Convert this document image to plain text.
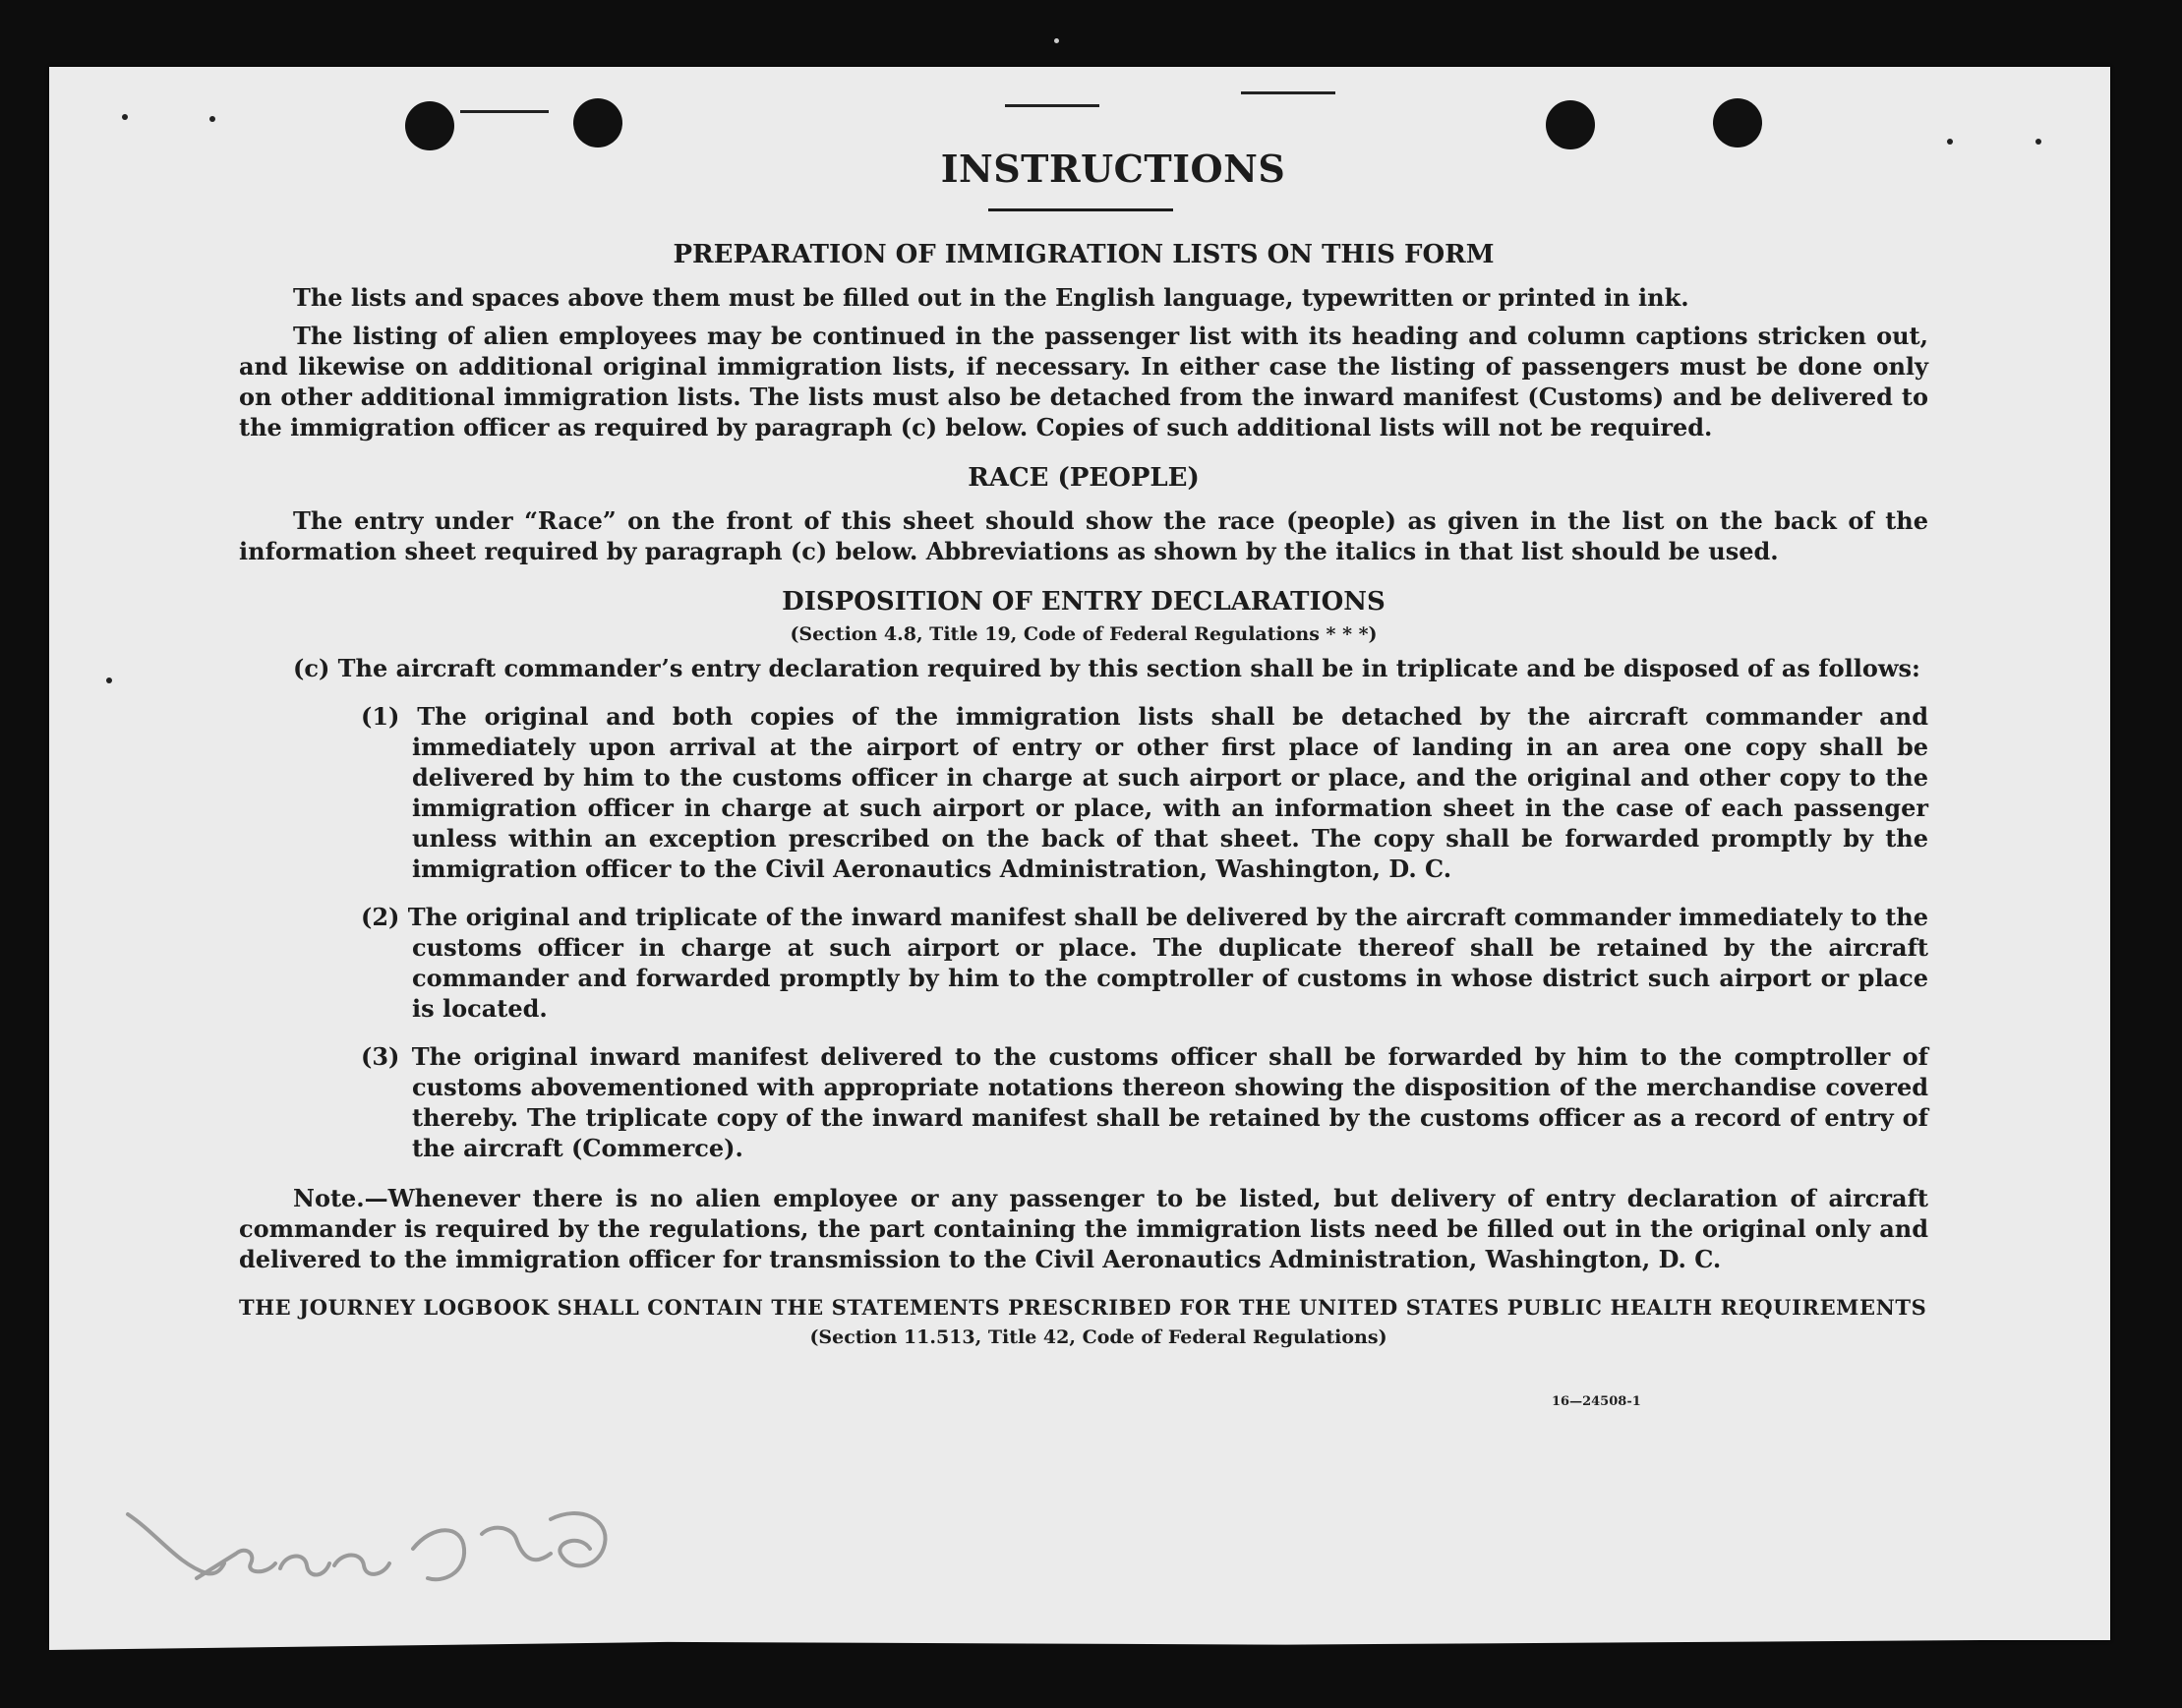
INSTRUCTIONS
PREPARATION OF IMMIGRATION LISTS ON THIS FORM

The lists and spaces above them must be filled out in the English language, typewritten or printed in ink.

The listing of alien employees may be continued in the passenger list with its heading and column captions stricken out, and likewise on additional original immigration lists, if necessary. In either case the listing of passengers must be done only on other additional immigration lists. The lists must also be detached from the inward manifest (Customs) and be delivered to the immigration officer as required by paragraph (c) below. Copies of such additional lists will not be required.

RACE (PEOPLE)

The entry under “Race” on the front of this sheet should show the race (people) as given in the list on the back of the information sheet required by paragraph (c) below. Abbreviations as shown by the italics in that list should be used.

DISPOSITION OF ENTRY DECLARATIONS
(Section 4.8, Title 19, Code of Federal Regulations * * *)

(c) The aircraft commander’s entry declaration required by this section shall be in triplicate and be disposed of as follows:

(1) The original and both copies of the immigration lists shall be detached by the aircraft commander and immediately upon arrival at the airport of entry or other first place of landing in an area one copy shall be delivered by him to the customs officer in charge at such airport or place, and the original and other copy to the immigration officer in charge at such airport or place, with an information sheet in the case of each passenger unless within an exception prescribed on the back of that sheet. The copy shall be forwarded promptly by the immigration officer to the Civil Aeronautics Administration, Washington, D. C.

(2) The original and triplicate of the inward manifest shall be delivered by the aircraft commander immediately to the customs officer in charge at such airport or place. The duplicate thereof shall be retained by the aircraft commander and forwarded promptly by him to the comptroller of customs in whose district such airport or place is located.

(3) The original inward manifest delivered to the customs officer shall be forwarded by him to the comptroller of customs abovementioned with appropriate notations thereon showing the disposition of the merchandise covered thereby. The triplicate copy of the inward manifest shall be retained by the customs officer as a record of entry of the aircraft (Commerce).

Note.—Whenever there is no alien employee or any passenger to be listed, but delivery of entry declaration of aircraft commander is required by the regulations, the part containing the immigration lists need be filled out in the original only and delivered to the immigration officer for transmission to the Civil Aeronautics Administration, Washington, D. C.

THE JOURNEY LOGBOOK SHALL CONTAIN THE STATEMENTS PRESCRIBED FOR THE UNITED STATES PUBLIC HEALTH REQUIREMENTS

(Section 11.513, Title 42, Code of Federal Regulations)

16—24508-1
